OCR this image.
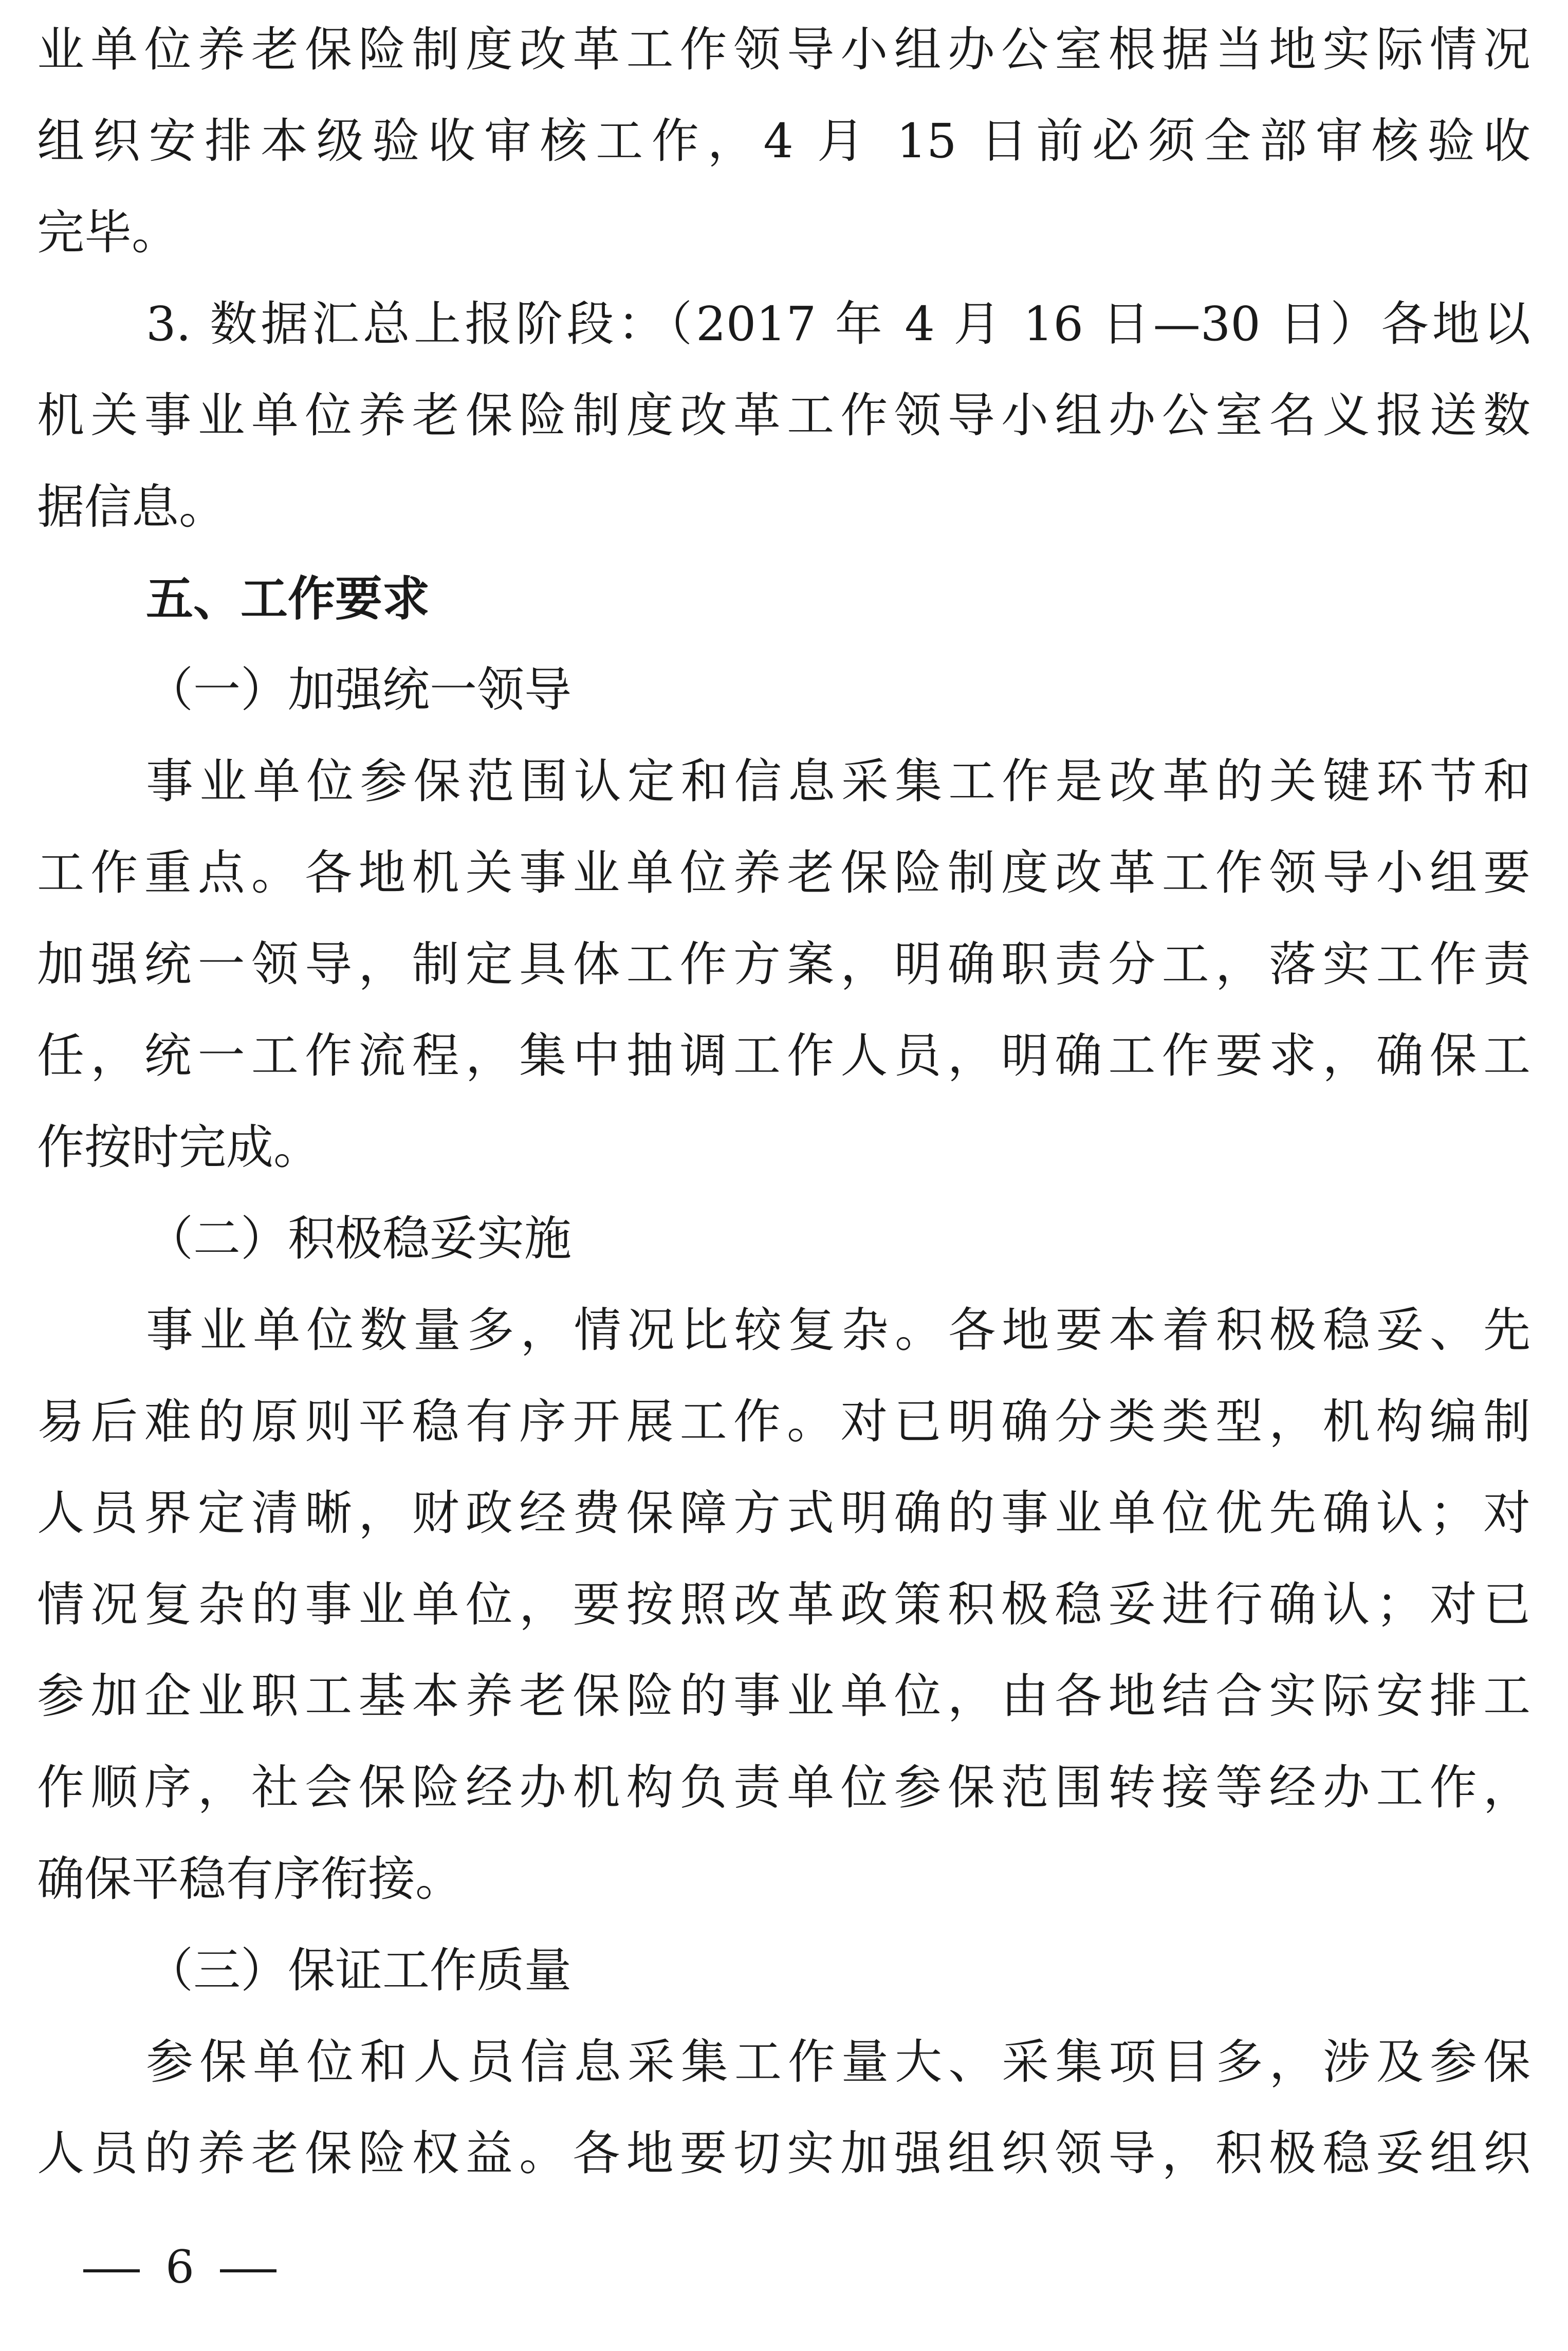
业单位养老保险制度改革工作领导小组办公室根据当地实际情况
组织安排本级验收审核工作，4 月 15 日前必须全部审核验收
完毕。
3. 数据汇总上报阶段：（2017 年 4 月 16 日—30 日）各地以
机关事业单位养老保险制度改革工作领导小组办公室名义报送数
据信息。
五、工作要求
（一）加强统一领导
事业单位参保范围认定和信息采集工作是改革的关键环节和
工作重点。各地机关事业单位养老保险制度改革工作领导小组要
加强统一领导，制定具体工作方案，明确职责分工，落实工作责
任，统一工作流程，集中抽调工作人员，明确工作要求，确保工
作按时完成。
（二）积极稳妥实施
事业单位数量多，情况比较复杂。各地要本着积极稳妥、先
易后难的原则平稳有序开展工作。对已明确分类类型，机构编制
人员界定清晰，财政经费保障方式明确的事业单位优先确认；对
情况复杂的事业单位，要按照改革政策积极稳妥进行确认；对已
参加企业职工基本养老保险的事业单位，由各地结合实际安排工
作顺序，社会保险经办机构负责单位参保范围转接等经办工作，
确保平稳有序衔接。
（三）保证工作质量
参保单位和人员信息采集工作量大、采集项目多，涉及参保
人员的养老保险权益。各地要切实加强组织领导，积极稳妥组织
6
